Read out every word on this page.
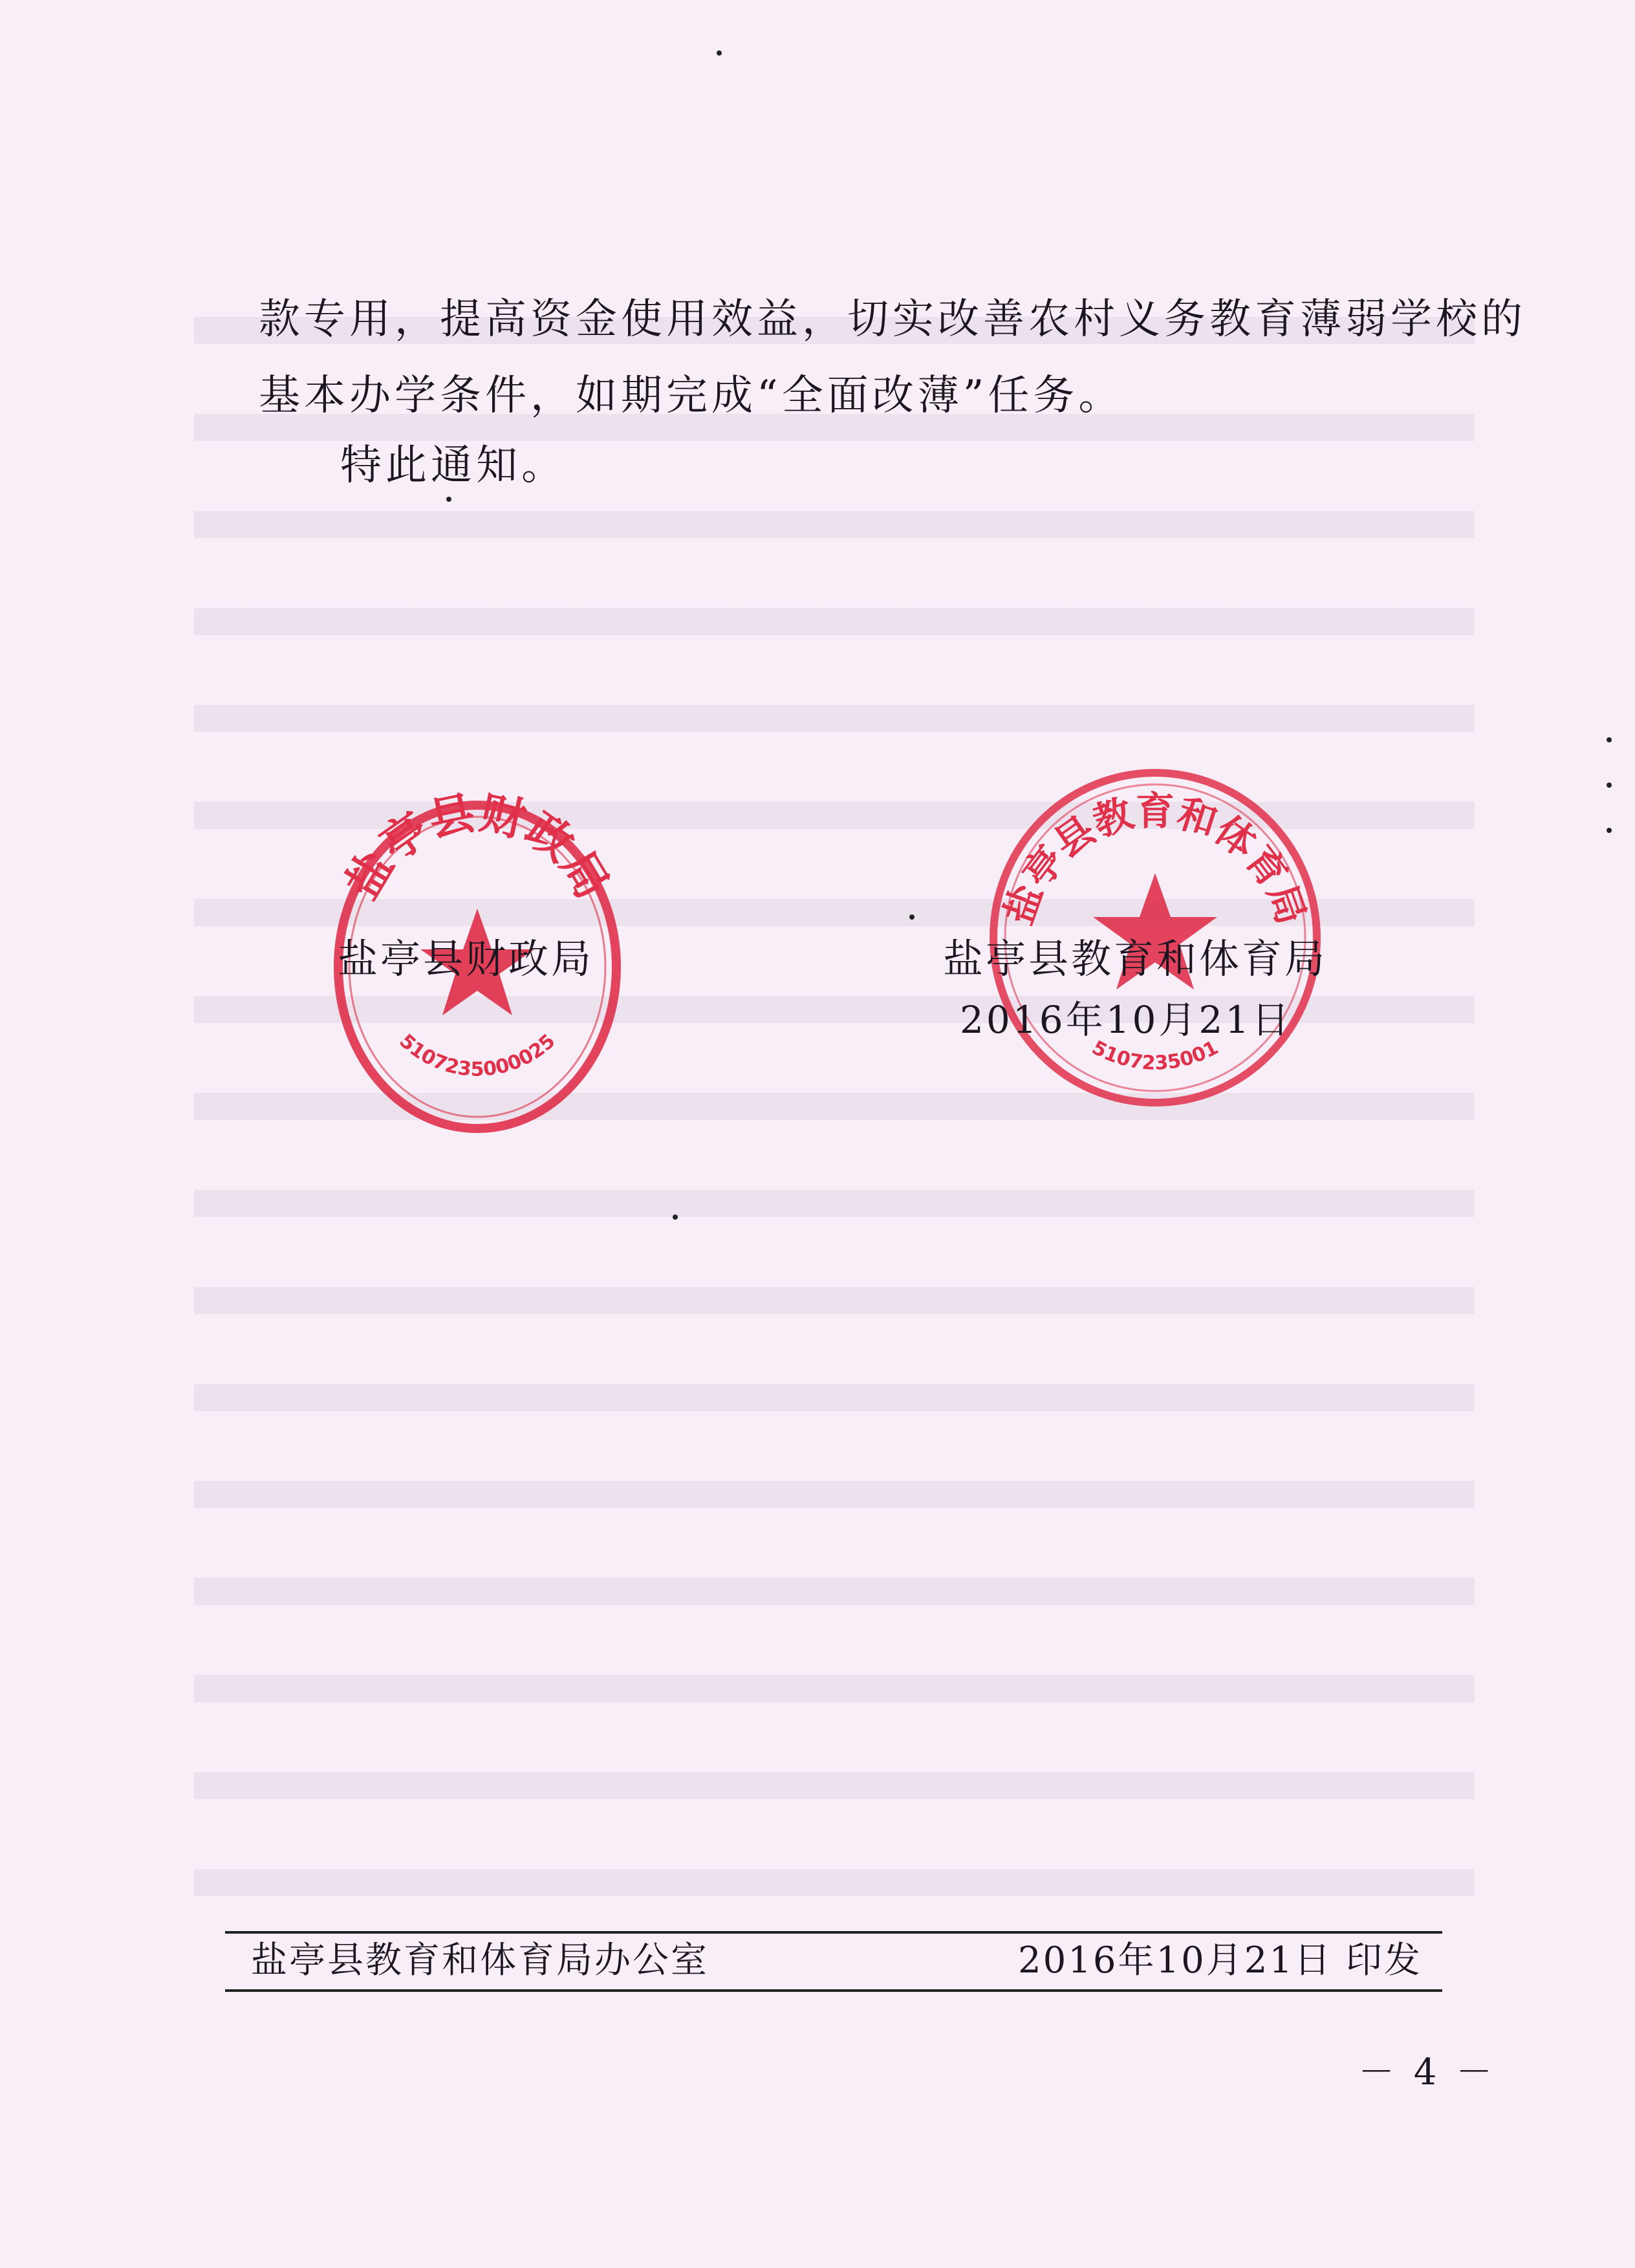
款专用，提高资金使用效益，切实改善农村义务教育薄弱学校的
基本办学条件，如期完成“全面改薄”任务。
特此通知。
盐亭县财政局
5107235000025
盐亭县教育和体育局
5107235001
盐亭县财政局	盐亭县教育和体育局
2016年10月21日
盐亭县教育和体育局办公室	2016年10月21日 印发
－ 4 －
